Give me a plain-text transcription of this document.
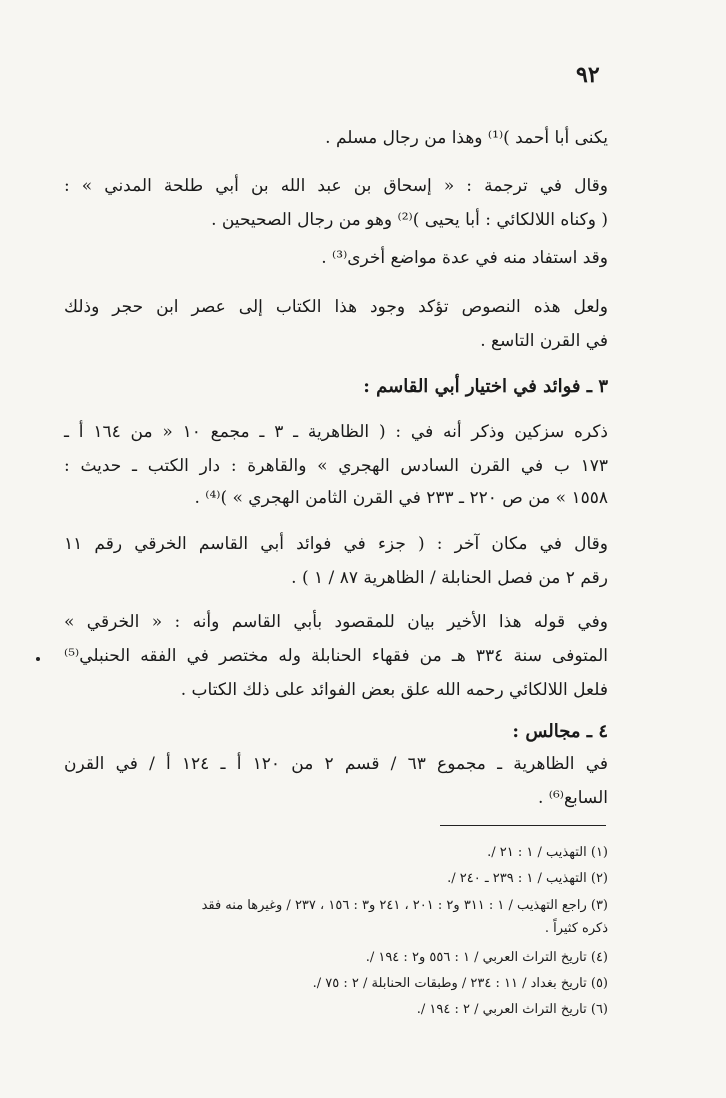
٩٢
يكنى أبا أحمد )⁽¹⁾ وهذا من رجال مسلم .
وقال في ترجمة : « إسحاق بن عبد الله بن أبي طلحة المدني » :
( وكناه اللالكائي : أبا يحيى )⁽²⁾ وهو من رجال الصحيحين .
وقد استفاد منه في عدة مواضع أخرى⁽³⁾ .
ولعل هذه النصوص تؤكد وجود هذا الكتاب إلى عصر ابن حجر وذلك
في القرن التاسع .
٣ ـ فوائد في اختيار أبي القاسم :
ذكره سزكين وذكر أنه في : ( الظاهرية ـ ٣ ـ مجمع ١٠ « من ١٦٤ أ ـ
١٧٣ ب في القرن السادس الهجري » والقاهرة : دار الكتب ـ حديث :
١٥٥٨ » من ص ٢٢٠ ـ ٢٣٣ في القرن الثامن الهجري » )⁽⁴⁾ .
وقال في مكان آخر : ( جزء في فوائد أبي القاسم الخرقي رقم ١١
رقم ٢ من فصل الحنابلة / الظاهرية ٨٧ / ١ ) .
وفي قوله هذا الأخير بيان للمقصود بأبي القاسم وأنه : « الخرقي »
المتوفى سنة ٣٣٤ هـ من فقهاء الحنابلة وله مختصر في الفقه الحنبلي⁽⁵⁾
فلعل اللالكائي رحمه الله علق بعض الفوائد على ذلك الكتاب .
٤ ـ مجالس :
في الظاهرية ـ مجموع ٦٣ / قسم ٢ من ١٢٠ أ ـ ١٢٤ أ / في القرن
السابع⁽⁶⁾ .
(١) التهذيب / ١ : ٢١ /.
(٢) التهذيب / ١ : ٢٣٩ ـ ٢٤٠ /.
(٣) راجع التهذيب / ١ : ٣١١ و٢ : ٢٠١ ، ٢٤١ و٣ : ١٥٦ ، ٢٣٧ / وغيرها منه فقد
ذكره كثيراً .
(٤) تاريخ التراث العربي / ١ : ٥٥٦ و٢ : ١٩٤ /.
(٥) تاريخ بغداد / ١١ : ٢٣٤ / وطبقات الحنابلة / ٢ : ٧٥ /.
(٦) تاريخ التراث العربي / ٢ : ١٩٤ /.
